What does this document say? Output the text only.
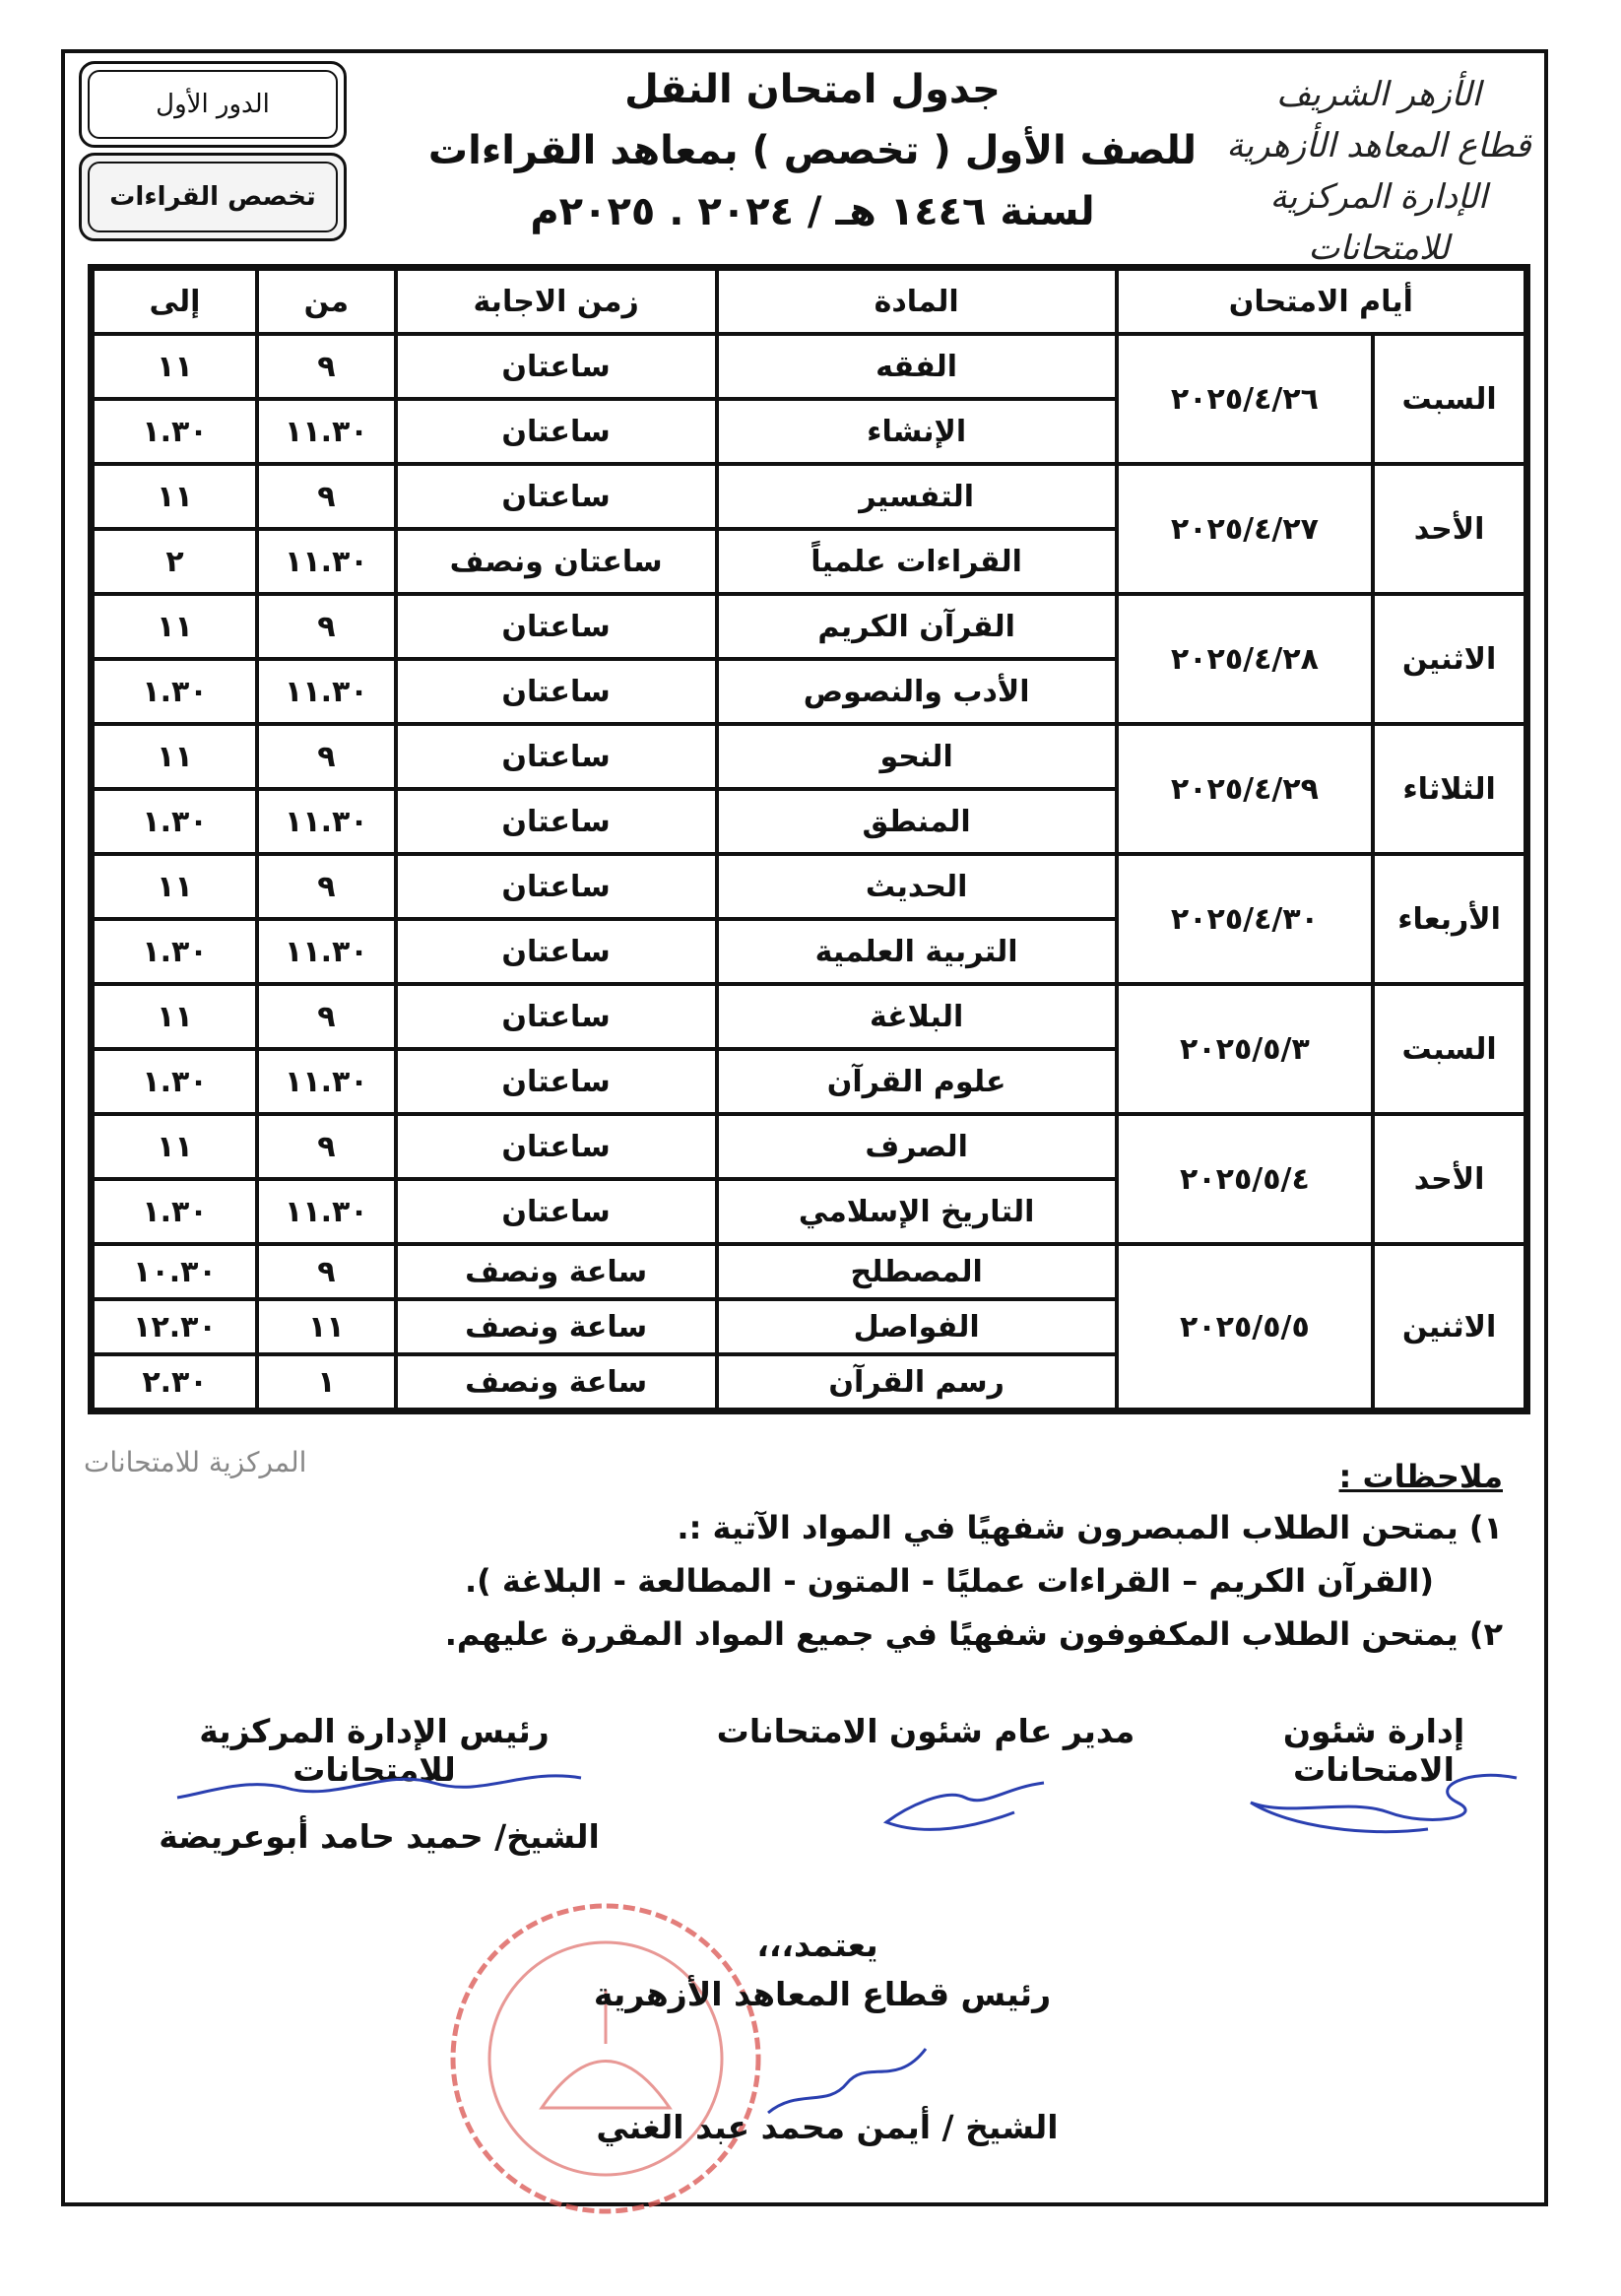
الأزهر الشريف
قطاع المعاهد الأزهرية
الإدارة المركزية للامتحانات
جدول امتحان النقل
للصف الأول ( تخصص ) بمعاهد القراءات
لسنة ١٤٤٦ هـ / ٢٠٢٤ . ٢٠٢٥م
الدور الأول
تخصص القراءات
أيام الامتحان		المادة	زمن الاجابة	من	إلى
السبت	٢٠٢٥/٤/٢٦	الفقه	ساعتان	٩	١١
		الإنشاء	ساعتان	١١.٣٠	١.٣٠
الأحد	٢٠٢٥/٤/٢٧	التفسير	ساعتان	٩	١١
		القراءات علمياً	ساعتان ونصف	١١.٣٠	٢
الاثنين	٢٠٢٥/٤/٢٨	القرآن الكريم	ساعتان	٩	١١
		الأدب والنصوص	ساعتان	١١.٣٠	١.٣٠
الثلاثاء	٢٠٢٥/٤/٢٩	النحو	ساعتان	٩	١١
		المنطق	ساعتان	١١.٣٠	١.٣٠
الأربعاء	٢٠٢٥/٤/٣٠	الحديث	ساعتان	٩	١١
		التربية العلمية	ساعتان	١١.٣٠	١.٣٠
السبت	٢٠٢٥/٥/٣	البلاغة	ساعتان	٩	١١
		علوم القرآن	ساعتان	١١.٣٠	١.٣٠
الأحد	٢٠٢٥/٥/٤	الصرف	ساعتان	٩	١١
		التاريخ الإسلامي	ساعتان	١١.٣٠	١.٣٠
الاثنين	٢٠٢٥/٥/٥	المصطلح	ساعة ونصف	٩	١٠.٣٠
		الفواصل	ساعة ونصف	١١	١٢.٣٠
		رسم القرآن	ساعة ونصف	١	٢.٣٠
المركزية للامتحانات	ملاحظات :

١) يمتحن الطلاب المبصرون شفهيًا في المواد الآتية :.

(القرآن الكريم – القراءات عمليًا - المتون - المطالعة - البلاغة ).

٢) يمتحن الطلاب المكفوفون شفهيًا في جميع المواد المقررة عليهم.

إدارة شئون الامتحانات
مدير عام شئون الامتحانات
رئيس الإدارة المركزية للامتحانات
الشيخ/ حميد حامد أبوعريضة
يعتمد،،،
رئيس قطاع المعاهد الأزهرية
الشيخ / أيمن محمد عبد الغني
